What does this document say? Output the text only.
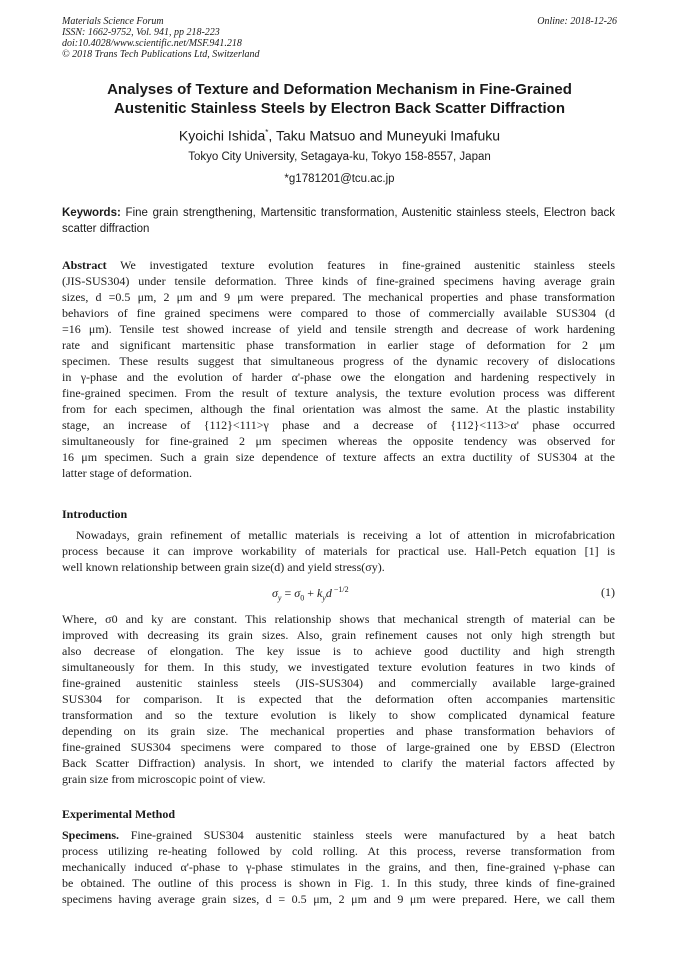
Materials Science Forum
ISSN: 1662-9752, Vol. 941, pp 218-223
doi:10.4028/www.scientific.net/MSF.941.218
© 2018 Trans Tech Publications Ltd, Switzerland
Online: 2018-12-26
Analyses of Texture and Deformation Mechanism in Fine-Grained
Austenitic Stainless Steels by Electron Back Scatter Diffraction
Kyoichi Ishida*, Taku Matsuo and Muneyuki Imafuku
Tokyo City University, Setagaya-ku, Tokyo 158-8557, Japan
*g1781201@tcu.ac.jp
Keywords: Fine grain strengthening, Martensitic transformation, Austenitic stainless steels, Electron back scatter diffraction
Abstract We investigated texture evolution features in fine-grained austenitic stainless steels
(JIS-SUS304) under tensile deformation. Three kinds of fine-grained specimens having average grain
sizes, d =0.5 μm, 2 μm and 9 μm were prepared. The mechanical properties and phase transformation
behaviors of fine grained specimens were compared to those of commercially available SUS304 (d
=16 μm). Tensile test showed increase of yield and tensile strength and decrease of work hardening
rate and significant martensitic phase transformation in earlier stage of deformation for 2 μm
specimen. These results suggest that simultaneous progress of the dynamic recovery of dislocations
in γ-phase and the evolution of harder α'-phase owe the elongation and hardening respectively in
fine-grained specimen. From the result of texture analysis, the texture evolution process was different
from for each specimen, although the final orientation was almost the same. At the plastic instability
stage, an increase of {112}<111>γ phase and a decrease of {112}<113>α' phase occurred
simultaneously for fine-grained 2 μm specimen whereas the opposite tendency was observed for
16 μm specimen. Such a grain size dependence of texture affects an extra ductility of SUS304 at the
latter stage of deformation.
Introduction
Nowadays, grain refinement of metallic materials is receiving a lot of attention in microfabrication
process because it can improve workability of materials for practical use. Hall-Petch equation [1] is
well known relationship between grain size(d) and yield stress(σy).
$\sigma_y = \sigma_0 + k_yd$ $^{-1/2}$	(1)
Where, σ0 and ky are constant. This relationship shows that mechanical strength of material can be
improved with decreasing its grain sizes. Also, grain refinement causes not only high strength but
also decrease of elongation. The key issue is to achieve good ductility and high strength
simultaneously for them. In this study, we investigated texture evolution features in two kinds of
fine-grained austenitic stainless steels (JIS-SUS304) and commercially available large-grained
SUS304 for comparison. It is expected that the deformation often accompanies martensitic
transformation and so the texture evolution is likely to show complicated dynamical feature
depending on its grain size. The mechanical properties and phase transformation behaviors of
fine-grained SUS304 specimens were compared to those of large-grained one by EBSD (Electron
Back Scatter Diffraction) analysis. In short, we intended to clarify the material factors affected by
grain size from microscopic point of view.
Experimental Method
Specimens. Fine-grained SUS304 austenitic stainless steels were manufactured by a heat batch
process utilizing re-heating followed by cold rolling. At this process, reverse transformation from
mechanically induced α'-phase to γ-phase stimulates in the grains, and then, fine-grained γ-phase can
be obtained. The outline of this process is shown in Fig. 1. In this study, three kinds of fine-grained
specimens having average grain sizes, d = 0.5 μm, 2 μm and 9 μm were prepared. Here, we call them
